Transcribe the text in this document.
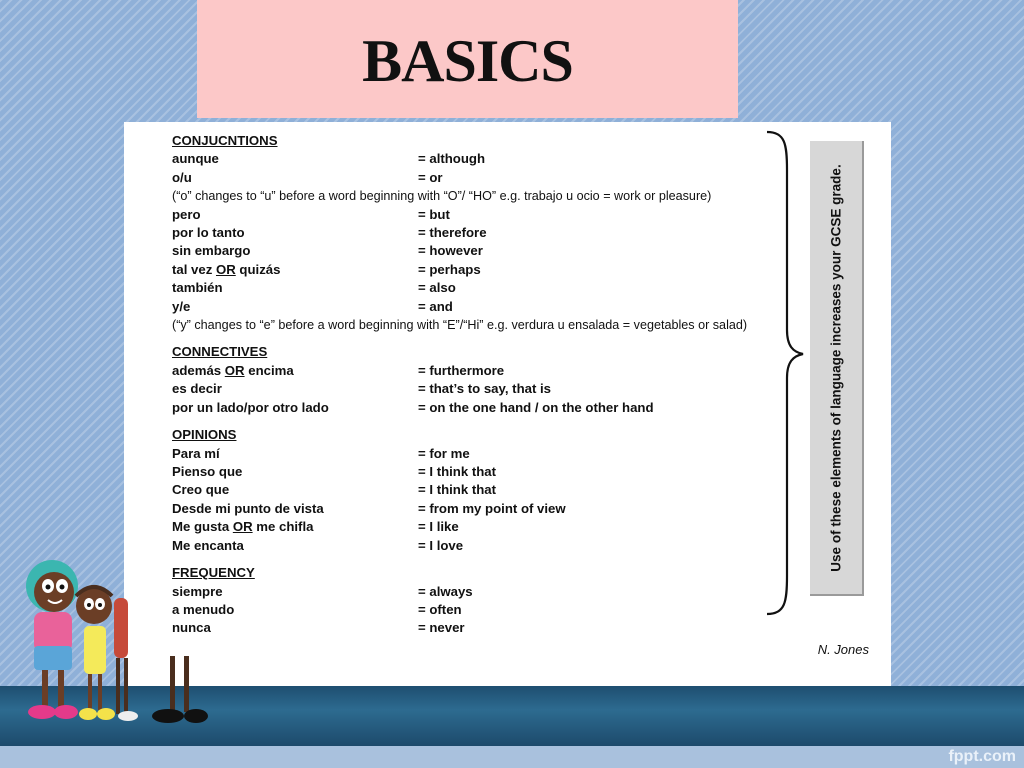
BASICS
fppt.com
CONJUCNTIONS
aunque	= although
o/u	= or
(“o” changes to “u” before a word beginning with “O”/ “HO” e.g. trabajo u ocio = work or pleasure)
pero	= but
por lo tanto	= therefore
sin embargo	= however
tal vez OR quizás	= perhaps
también	= also
y/e	= and
(“y” changes to “e” before a word beginning with “E”/“Hi” e.g. verdura u ensalada = vegetables or salad)
CONNECTIVES
además OR encima	= furthermore
es decir	= that’s to say, that is
por un lado/por otro lado	= on the one hand / on the other hand
OPINIONS
Para mí	= for me
Pienso que	= I think that
Creo que	= I think that
Desde mi punto de vista	= from my point of view
Me gusta OR me chifla	= I like
Me encanta	= I love
FREQUENCY
siempre	= always
a menudo	= often
nunca	= never
Use of these elements of language increases your GCSE grade.
N. Jones
